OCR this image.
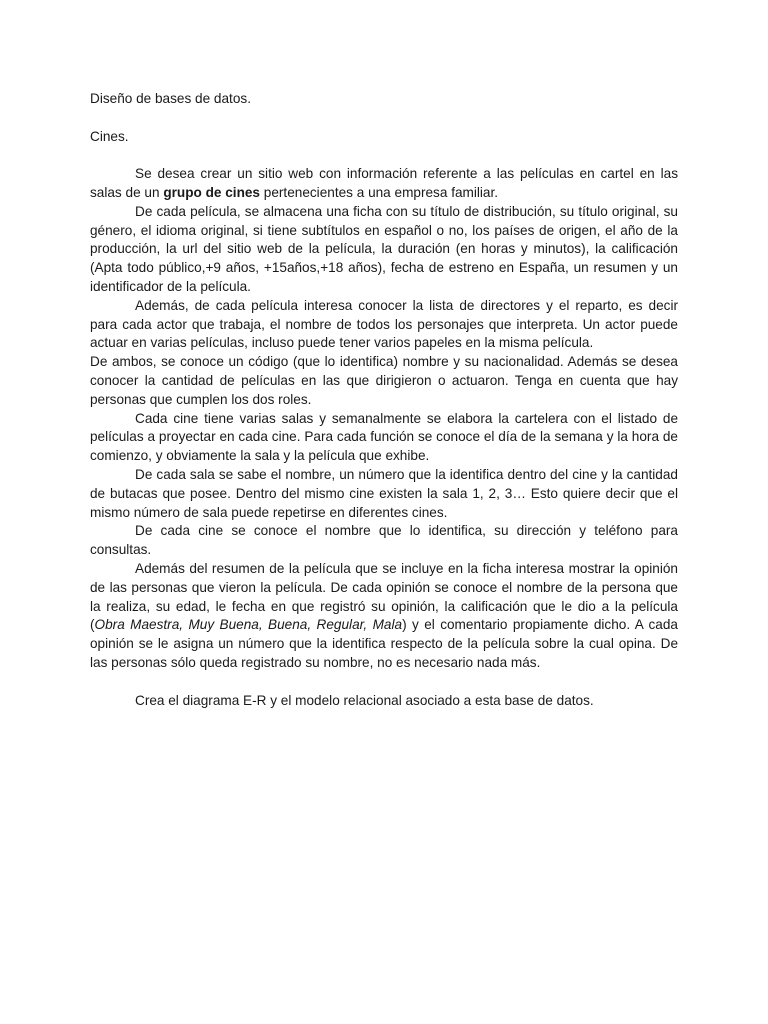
Diseño de bases de datos.

Cines.

Se desea crear un sitio web con información referente a las películas en cartel en las salas de un grupo de cines pertenecientes a una empresa familiar.

De cada película, se almacena una ficha con su título de distribución, su título original, su género, el idioma original, si tiene subtítulos en español o no, los países de origen, el año de la producción, la url del sitio web de la película, la duración (en horas y minutos), la calificación (Apta todo público,+9 años, +15años,+18 años), fecha de estreno en España, un resumen y un identificador de la película.

Además, de cada película interesa conocer la lista de directores y el reparto, es decir para cada actor que trabaja, el nombre de todos los personajes que interpreta. Un actor puede actuar en varias películas, incluso puede tener varios papeles en la misma película.

De ambos, se conoce un código (que lo identifica) nombre y su nacionalidad. Además se desea conocer la cantidad de películas en las que dirigieron o actuaron. Tenga en cuenta que hay personas que cumplen los dos roles.

Cada cine tiene varias salas y semanalmente se elabora la cartelera con el listado de películas a proyectar en cada cine. Para cada función se conoce el día de la semana y la hora de comienzo, y obviamente la sala y la película que exhibe.

De cada sala se sabe el nombre, un número que la identifica dentro del cine y la cantidad de butacas que posee. Dentro del mismo cine existen la sala 1, 2, 3… Esto quiere decir que el mismo número de sala puede repetirse en diferentes cines.

De cada cine se conoce el nombre que lo identifica, su dirección y teléfono para consultas.

Además del resumen de la película que se incluye en la ficha interesa mostrar la opinión de las personas que vieron la película. De cada opinión se conoce el nombre de la persona que la realiza, su edad, le fecha en que registró su opinión, la calificación que le dio a la película (Obra Maestra, Muy Buena, Buena, Regular, Mala) y el comentario propiamente dicho. A cada opinión se le asigna un número que la identifica respecto de la película sobre la cual opina. De las personas sólo queda registrado su nombre, no es necesario nada más.

Crea el diagrama E-R y el modelo relacional asociado a esta base de datos.
